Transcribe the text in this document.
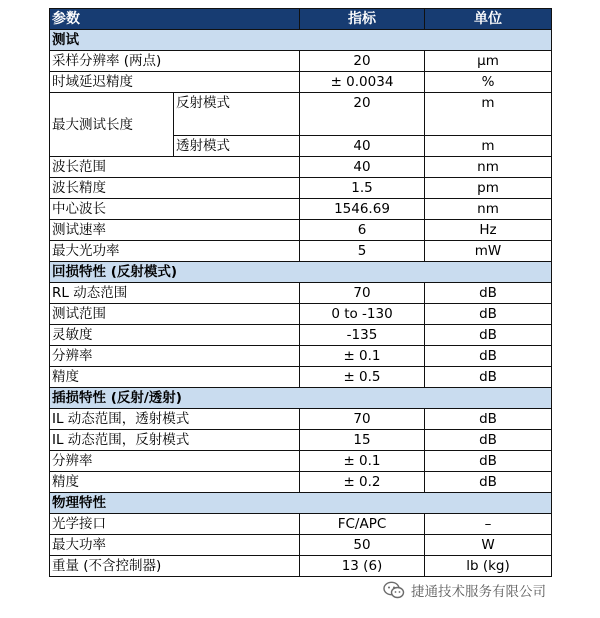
参数		指标	单位
测试			
采样分辨率 (两点)		20	μm
时域延迟精度		± 0.0034	%
最大测试长度	反射模式	20	m
	透射模式	40	m
波长范围		40	nm
波长精度		1.5	pm
中心波长		1546.69	nm
测试速率		6	Hz
最大光功率		5	mW
回损特性 (反射模式)			
RL 动态范围		70	dB
测试范围		0 to -130	dB
灵敏度		-135	dB
分辨率		± 0.1	dB
精度		± 0.5	dB
插损特性 (反射/透射)			
IL 动态范围，透射模式		70	dB
IL 动态范围，反射模式		15	dB
分辨率		± 0.1	dB
精度		± 0.2	dB
物理特性			
光学接口		FC/APC	–
最大功率		50	W
重量 (不含控制器)		13 (6)	lb (kg)
捷通技术服务有限公司
